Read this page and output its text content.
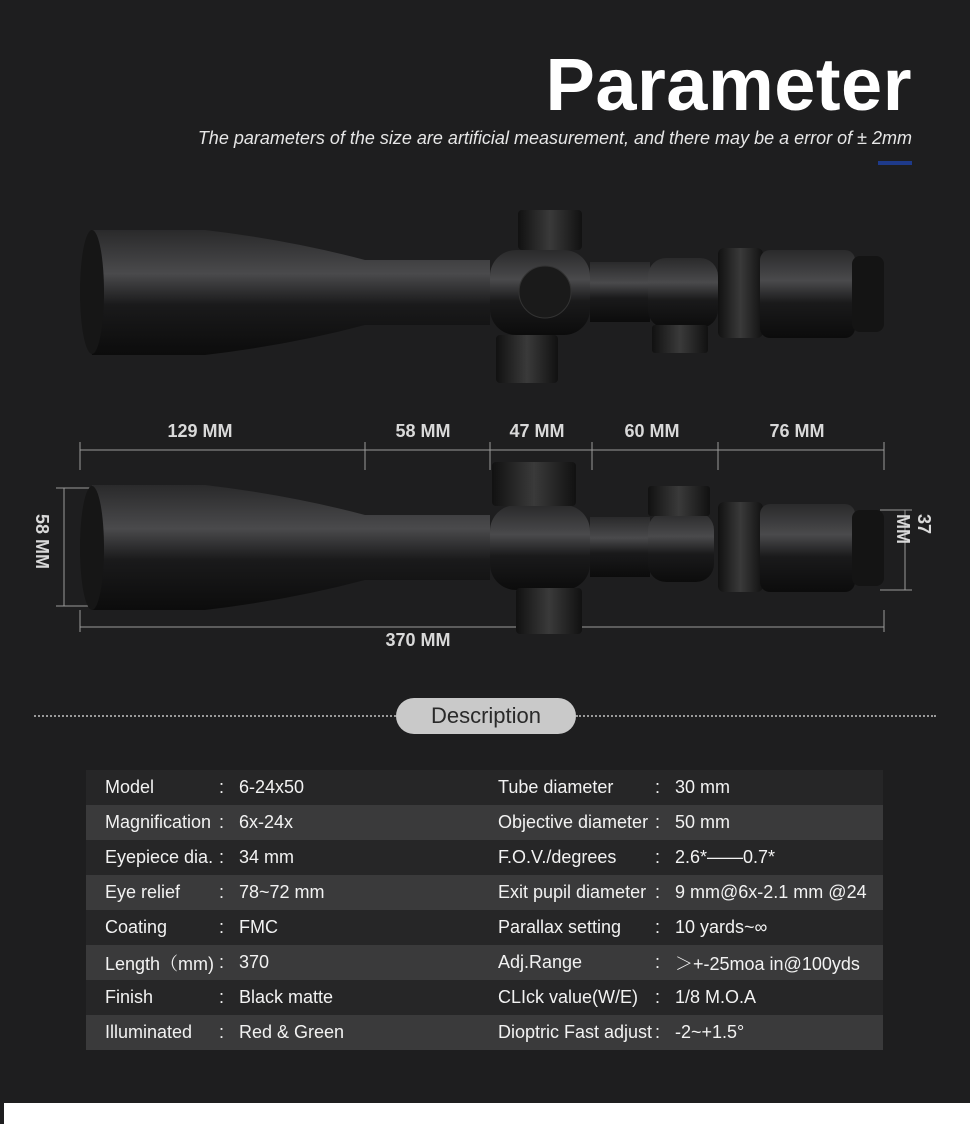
Parameter
The parameters of the size are artificial measurement, and there may be a error of ± 2mm
129 MM	58 MM	47 MM	60 MM	76 MM
370 MM
58 MM	37 MM
Description
Model	: 6-24x50	Tube diameter	: 30 mm
Magnification : 6x-24x	Objective diameter : 50 mm
Eyepiece dia. : 34 mm	F.O.V./degrees	: 2.6*——0.7*
Eye relief	: 78~72 mm	Exit pupil diameter : 9 mm@6x-2.1 mm @24
Coating	: FMC	Parallax setting	: 10 yards~∞
Length（mm) : 370	Adj.Range	: ＞+-25moa in@100yds
Finish	: Black matte	CLIck value(W/E) : 1/8 M.O.A
Illuminated	: Red & Green	Dioptric Fast adjust : -2~+1.5°
